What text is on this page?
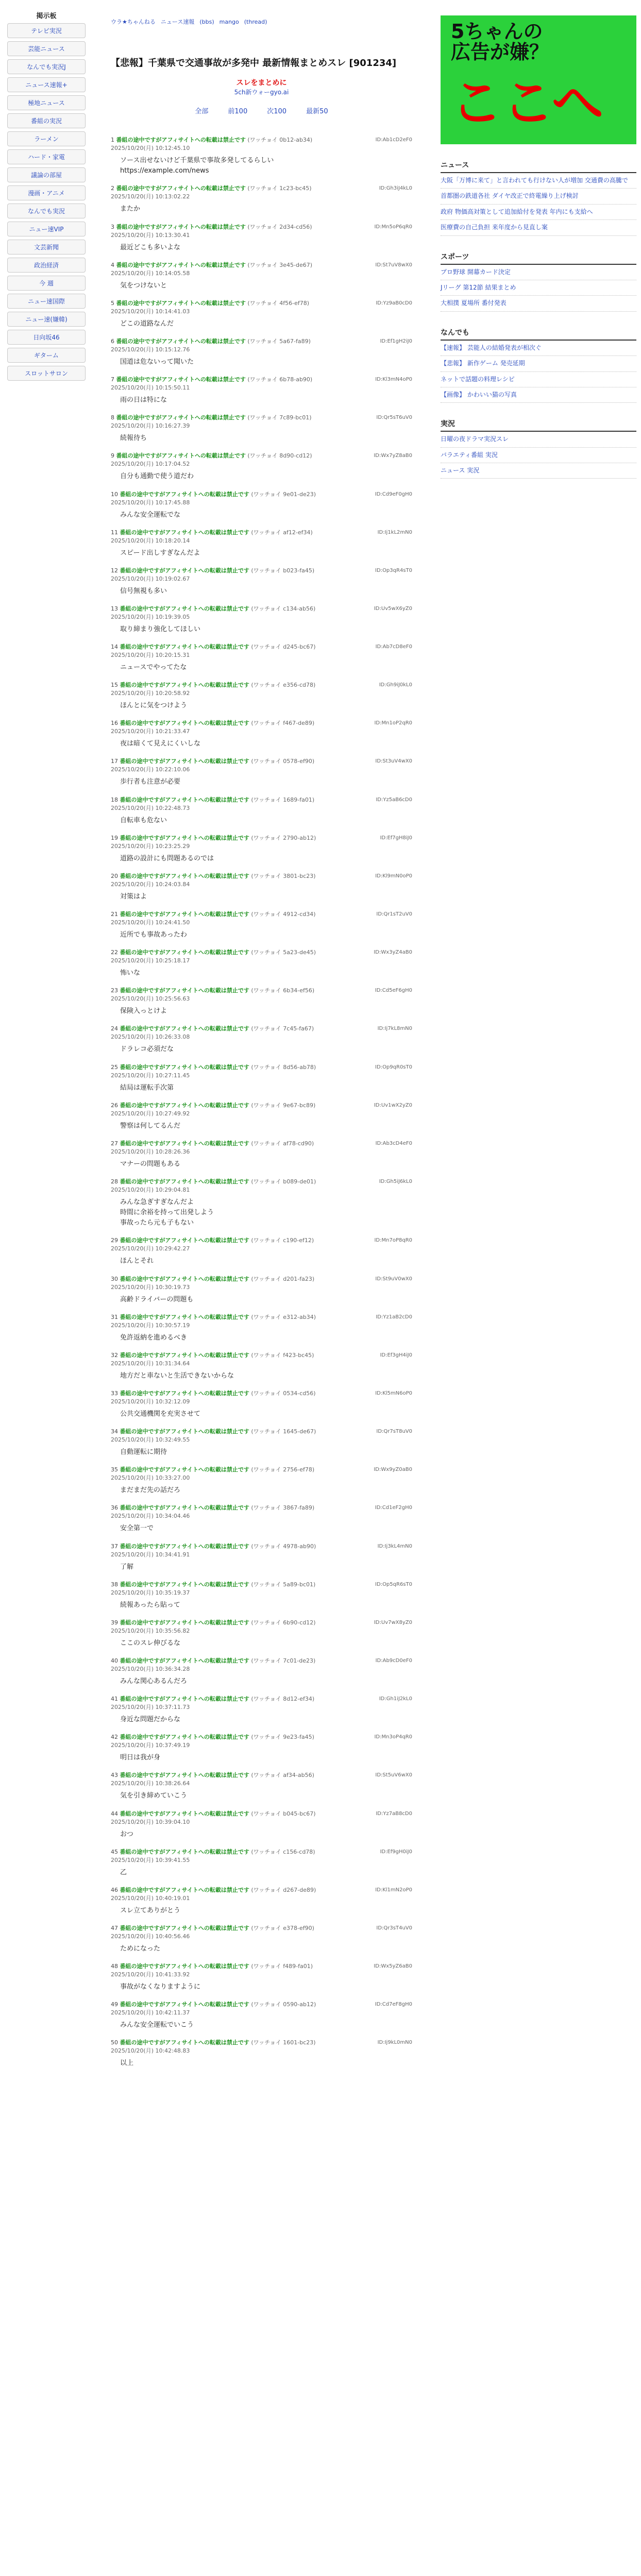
掲示板
テレビ実況
芸能ニュース
なんでも実況J
ニュース速報+
極地ニュース
番組の実況
ラーメン
ハード・家電
議論の部屋
漫画・アニメ
なんでも実況
ニュー速VIP
文芸新聞
政治経済
今 週
ニュー速国際
ニュー速(嫌韓)
日向坂46
ギターム
スロットサロン
ウラ★ちゃんねる ニュース速報 (bbs) mango (thread)
【悲報】千葉県で交通事故が多発中 最新情報まとめスレ [901234]
スレをまとめに
5ch新ウォーgyo.ai
全部	前100	次100	最新50
1 番組の途中ですがアフィサイトへの転載は禁止です (ワッチョイ 0b12-ab34)
2025/10/20(月) 10:12:45.10
ID:Ab1cD2eF0
ソース出せないけど千葉県で事故多発してるらしい
https://example.com/news
2 番組の途中ですがアフィサイトへの転載は禁止です (ワッチョイ 1c23-bc45)
2025/10/20(月) 10:13:02.22
ID:Gh3iJ4kL0
またか
3 番組の途中ですがアフィサイトへの転載は禁止です (ワッチョイ 2d34-cd56)
2025/10/20(月) 10:13:30.41
ID:Mn5oP6qR0
最近どこも多いよな
4 番組の途中ですがアフィサイトへの転載は禁止です (ワッチョイ 3e45-de67)
2025/10/20(月) 10:14:05.58
ID:St7uV8wX0
気をつけないと
5 番組の途中ですがアフィサイトへの転載は禁止です (ワッチョイ 4f56-ef78)
2025/10/20(月) 10:14:41.03
ID:Yz9aB0cD0
どこの道路なんだ
6 番組の途中ですがアフィサイトへの転載は禁止です (ワッチョイ 5a67-fa89)
2025/10/20(月) 10:15:12.76
ID:Ef1gH2iJ0
国道は危ないって聞いた
7 番組の途中ですがアフィサイトへの転載は禁止です (ワッチョイ 6b78-ab90)
2025/10/20(月) 10:15:50.11
ID:Kl3mN4oP0
雨の日は特にな
8 番組の途中ですがアフィサイトへの転載は禁止です (ワッチョイ 7c89-bc01)
2025/10/20(月) 10:16:27.39
ID:Qr5sT6uV0
続報待ち
9 番組の途中ですがアフィサイトへの転載は禁止です (ワッチョイ 8d90-cd12)
2025/10/20(月) 10:17:04.52
ID:Wx7yZ8aB0
自分も通勤で使う道だわ
10 番組の途中ですがアフィサイトへの転載は禁止です (ワッチョイ 9e01-de23)
2025/10/20(月) 10:17:45.88
ID:Cd9eF0gH0
みんな安全運転でな
11 番組の途中ですがアフィサイトへの転載は禁止です (ワッチョイ af12-ef34)
2025/10/20(月) 10:18:20.14
ID:Ij1kL2mN0
スピード出しすぎなんだよ
12 番組の途中ですがアフィサイトへの転載は禁止です (ワッチョイ b023-fa45)
2025/10/20(月) 10:19:02.67
ID:Op3qR4sT0
信号無視も多い
13 番組の途中ですがアフィサイトへの転載は禁止です (ワッチョイ c134-ab56)
2025/10/20(月) 10:19:39.05
ID:Uv5wX6yZ0
取り締まり強化してほしい
14 番組の途中ですがアフィサイトへの転載は禁止です (ワッチョイ d245-bc67)
2025/10/20(月) 10:20:15.31
ID:Ab7cD8eF0
ニュースでやってたな
15 番組の途中ですがアフィサイトへの転載は禁止です (ワッチョイ e356-cd78)
2025/10/20(月) 10:20:58.92
ID:Gh9iJ0kL0
ほんとに気をつけよう
16 番組の途中ですがアフィサイトへの転載は禁止です (ワッチョイ f467-de89)
2025/10/20(月) 10:21:33.47
ID:Mn1oP2qR0
夜は暗くて見えにくいしな
17 番組の途中ですがアフィサイトへの転載は禁止です (ワッチョイ 0578-ef90)
2025/10/20(月) 10:22:10.06
ID:St3uV4wX0
歩行者も注意が必要
18 番組の途中ですがアフィサイトへの転載は禁止です (ワッチョイ 1689-fa01)
2025/10/20(月) 10:22:48.73
ID:Yz5aB6cD0
自転車も危ない
19 番組の途中ですがアフィサイトへの転載は禁止です (ワッチョイ 2790-ab12)
2025/10/20(月) 10:23:25.29
ID:Ef7gH8iJ0
道路の設計にも問題あるのでは
20 番組の途中ですがアフィサイトへの転載は禁止です (ワッチョイ 3801-bc23)
2025/10/20(月) 10:24:03.84
ID:Kl9mN0oP0
対策はよ
21 番組の途中ですがアフィサイトへの転載は禁止です (ワッチョイ 4912-cd34)
2025/10/20(月) 10:24:41.50
ID:Qr1sT2uV0
近所でも事故あったわ
22 番組の途中ですがアフィサイトへの転載は禁止です (ワッチョイ 5a23-de45)
2025/10/20(月) 10:25:18.17
ID:Wx3yZ4aB0
怖いな
23 番組の途中ですがアフィサイトへの転載は禁止です (ワッチョイ 6b34-ef56)
2025/10/20(月) 10:25:56.63
ID:Cd5eF6gH0
保険入っとけよ
24 番組の途中ですがアフィサイトへの転載は禁止です (ワッチョイ 7c45-fa67)
2025/10/20(月) 10:26:33.08
ID:Ij7kL8mN0
ドラレコ必須だな
25 番組の途中ですがアフィサイトへの転載は禁止です (ワッチョイ 8d56-ab78)
2025/10/20(月) 10:27:11.45
ID:Op9qR0sT0
結局は運転手次第
26 番組の途中ですがアフィサイトへの転載は禁止です (ワッチョイ 9e67-bc89)
2025/10/20(月) 10:27:49.92
ID:Uv1wX2yZ0
警察は何してるんだ
27 番組の途中ですがアフィサイトへの転載は禁止です (ワッチョイ af78-cd90)
2025/10/20(月) 10:28:26.36
ID:Ab3cD4eF0
マナーの問題もある
28 番組の途中ですがアフィサイトへの転載は禁止です (ワッチョイ b089-de01)
2025/10/20(月) 10:29:04.81
ID:Gh5iJ6kL0
みんな急ぎすぎなんだよ
時間に余裕を持って出発しよう
事故ったら元も子もない
29 番組の途中ですがアフィサイトへの転載は禁止です (ワッチョイ c190-ef12)
2025/10/20(月) 10:29:42.27
ID:Mn7oP8qR0
ほんとそれ
30 番組の途中ですがアフィサイトへの転載は禁止です (ワッチョイ d201-fa23)
2025/10/20(月) 10:30:19.73
ID:St9uV0wX0
高齢ドライバーの問題も
31 番組の途中ですがアフィサイトへの転載は禁止です (ワッチョイ e312-ab34)
2025/10/20(月) 10:30:57.19
ID:Yz1aB2cD0
免許返納を進めるべき
32 番組の途中ですがアフィサイトへの転載は禁止です (ワッチョイ f423-bc45)
2025/10/20(月) 10:31:34.64
ID:Ef3gH4iJ0
地方だと車ないと生活できないからな
33 番組の途中ですがアフィサイトへの転載は禁止です (ワッチョイ 0534-cd56)
2025/10/20(月) 10:32:12.09
ID:Kl5mN6oP0
公共交通機関を充実させて
34 番組の途中ですがアフィサイトへの転載は禁止です (ワッチョイ 1645-de67)
2025/10/20(月) 10:32:49.55
ID:Qr7sT8uV0
自動運転に期待
35 番組の途中ですがアフィサイトへの転載は禁止です (ワッチョイ 2756-ef78)
2025/10/20(月) 10:33:27.00
ID:Wx9yZ0aB0
まだまだ先の話だろ
36 番組の途中ですがアフィサイトへの転載は禁止です (ワッチョイ 3867-fa89)
2025/10/20(月) 10:34:04.46
ID:Cd1eF2gH0
安全第一で
37 番組の途中ですがアフィサイトへの転載は禁止です (ワッチョイ 4978-ab90)
2025/10/20(月) 10:34:41.91
ID:Ij3kL4mN0
了解
38 番組の途中ですがアフィサイトへの転載は禁止です (ワッチョイ 5a89-bc01)
2025/10/20(月) 10:35:19.37
ID:Op5qR6sT0
続報あったら貼って
39 番組の途中ですがアフィサイトへの転載は禁止です (ワッチョイ 6b90-cd12)
2025/10/20(月) 10:35:56.82
ID:Uv7wX8yZ0
ここのスレ伸びるな
40 番組の途中ですがアフィサイトへの転載は禁止です (ワッチョイ 7c01-de23)
2025/10/20(月) 10:36:34.28
ID:Ab9cD0eF0
みんな関心あるんだろ
41 番組の途中ですがアフィサイトへの転載は禁止です (ワッチョイ 8d12-ef34)
2025/10/20(月) 10:37:11.73
ID:Gh1iJ2kL0
身近な問題だからな
42 番組の途中ですがアフィサイトへの転載は禁止です (ワッチョイ 9e23-fa45)
2025/10/20(月) 10:37:49.19
ID:Mn3oP4qR0
明日は我が身
43 番組の途中ですがアフィサイトへの転載は禁止です (ワッチョイ af34-ab56)
2025/10/20(月) 10:38:26.64
ID:St5uV6wX0
気を引き締めていこう
44 番組の途中ですがアフィサイトへの転載は禁止です (ワッチョイ b045-bc67)
2025/10/20(月) 10:39:04.10
ID:Yz7aB8cD0
おつ
45 番組の途中ですがアフィサイトへの転載は禁止です (ワッチョイ c156-cd78)
2025/10/20(月) 10:39:41.55
ID:Ef9gH0iJ0
乙
46 番組の途中ですがアフィサイトへの転載は禁止です (ワッチョイ d267-de89)
2025/10/20(月) 10:40:19.01
ID:Kl1mN2oP0
スレ立てありがとう
47 番組の途中ですがアフィサイトへの転載は禁止です (ワッチョイ e378-ef90)
2025/10/20(月) 10:40:56.46
ID:Qr3sT4uV0
ためになった
48 番組の途中ですがアフィサイトへの転載は禁止です (ワッチョイ f489-fa01)
2025/10/20(月) 10:41:33.92
ID:Wx5yZ6aB0
事故がなくなりますように
49 番組の途中ですがアフィサイトへの転載は禁止です (ワッチョイ 0590-ab12)
2025/10/20(月) 10:42:11.37
ID:Cd7eF8gH0
みんな安全運転でいこう
50 番組の途中ですがアフィサイトへの転載は禁止です (ワッチョイ 1601-bc23)
2025/10/20(月) 10:42:48.83
ID:Ij9kL0mN0
以上
5ちゃんの
広告が嫌？
ここへ
ニュース
大阪「万博に来て」と言われても行けない人が増加 交通費の高騰で
首都圏の鉄道各社 ダイヤ改正で終電繰り上げ検討
政府 物価高対策として追加給付を発表 年内にも支給へ
医療費の自己負担 来年度から見直し案
スポーツ
プロ野球 開幕カード決定
Jリーグ 第12節 結果まとめ
大相撲 夏場所 番付発表
なんでも
【速報】 芸能人の結婚発表が相次ぐ
【悲報】 新作ゲーム 発売延期
ネットで話題の料理レシピ
【画像】 かわいい猫の写真
実況
日曜の夜ドラマ実況スレ
バラエティ番組 実況
ニュース 実況
